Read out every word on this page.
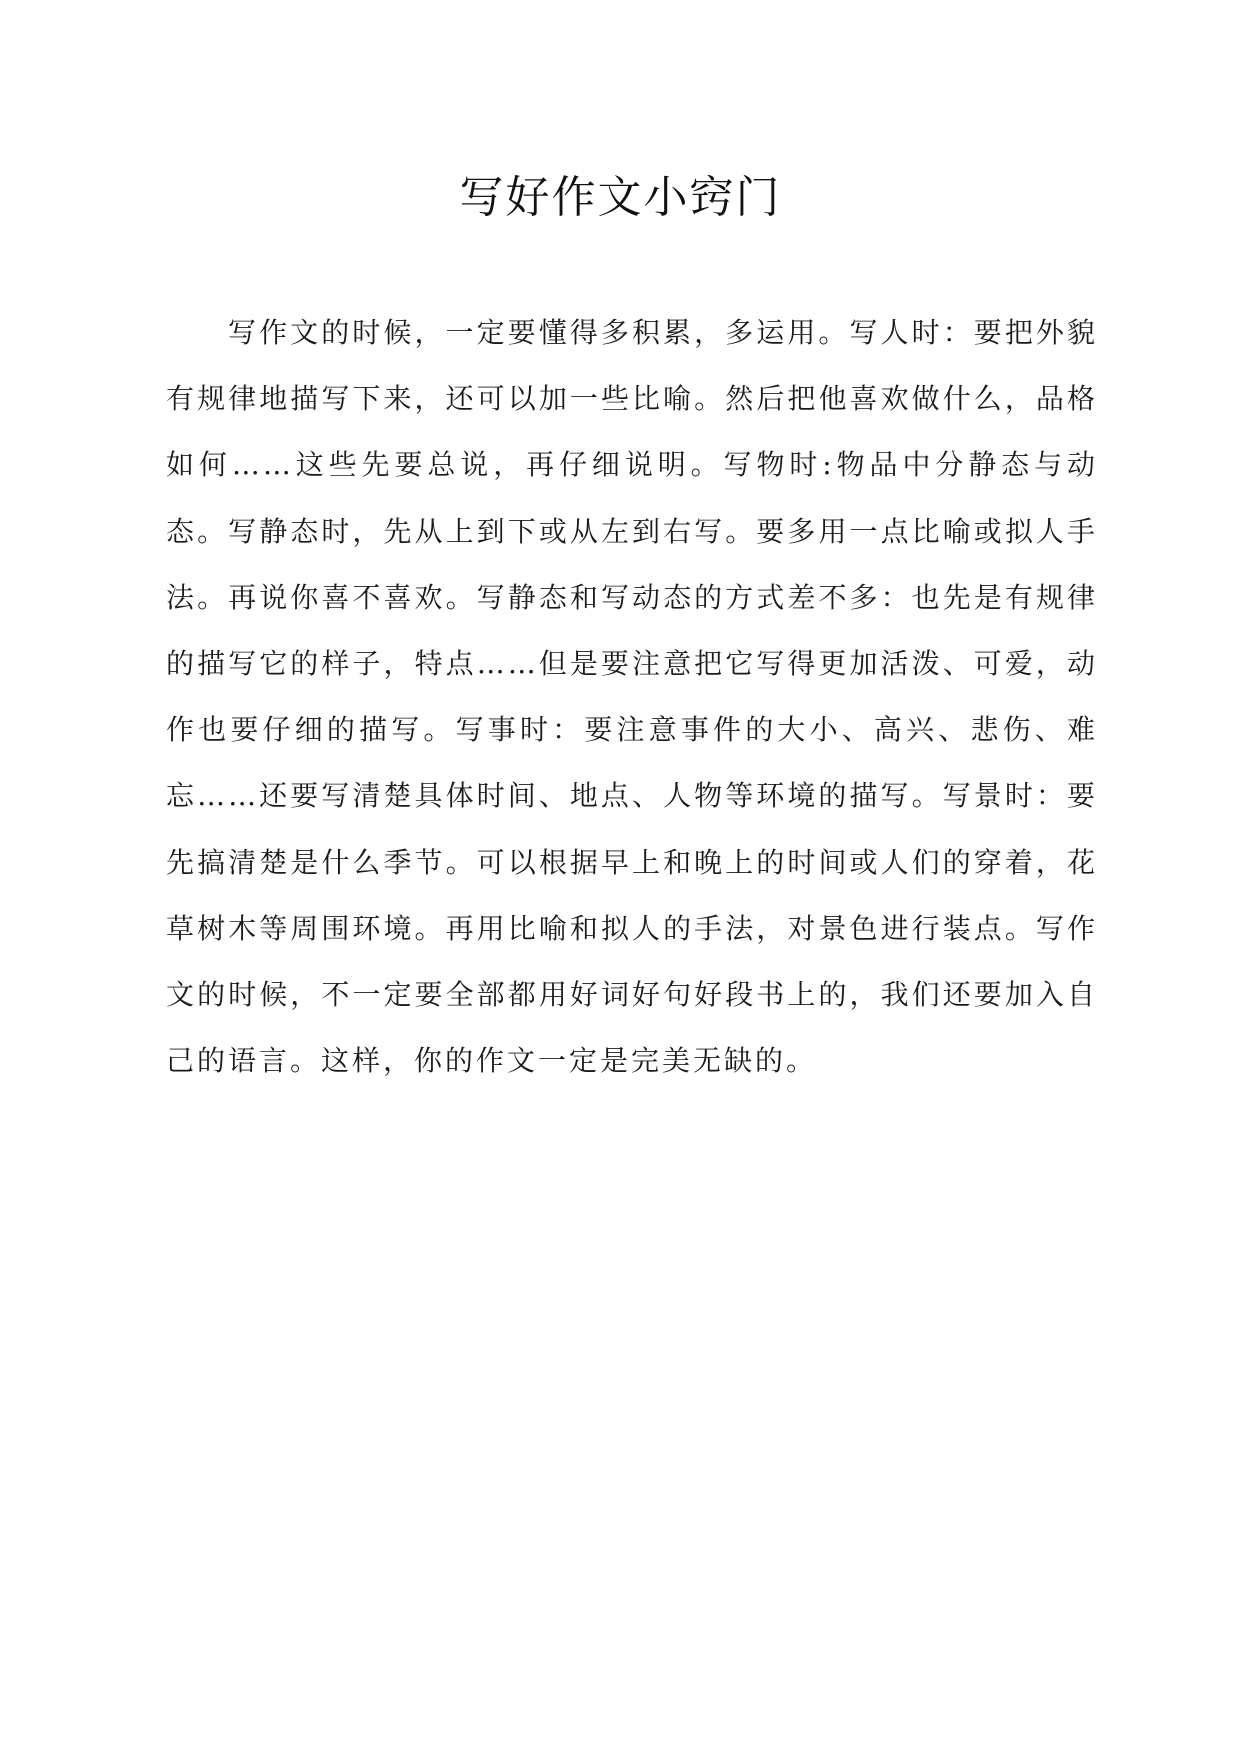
写好作文小窍门

写作文的时候，一定要懂得多积累，多运用。写人时：要把外貌有规律地描写下来，还可以加一些比喻。然后把他喜欢做什么，品格如何……这些先要总说，再仔细说明。写物时:物品中分静态与动态。写静态时，先从上到下或从左到右写。要多用一点比喻或拟人手法。再说你喜不喜欢。写静态和写动态的方式差不多：也先是有规律的描写它的样子，特点……但是要注意把它写得更加活泼、可爱，动作也要仔细的描写。写事时：要注意事件的大小、高兴、悲伤、难忘……还要写清楚具体时间、地点、人物等环境的描写。写景时：要先搞清楚是什么季节。可以根据早上和晚上的时间或人们的穿着，花草树木等周围环境。再用比喻和拟人的手法，对景色进行装点。写作文的时候，不一定要全部都用好词好句好段书上的，我们还要加入自己的语言。这样，你的作文一定是完美无缺的。
